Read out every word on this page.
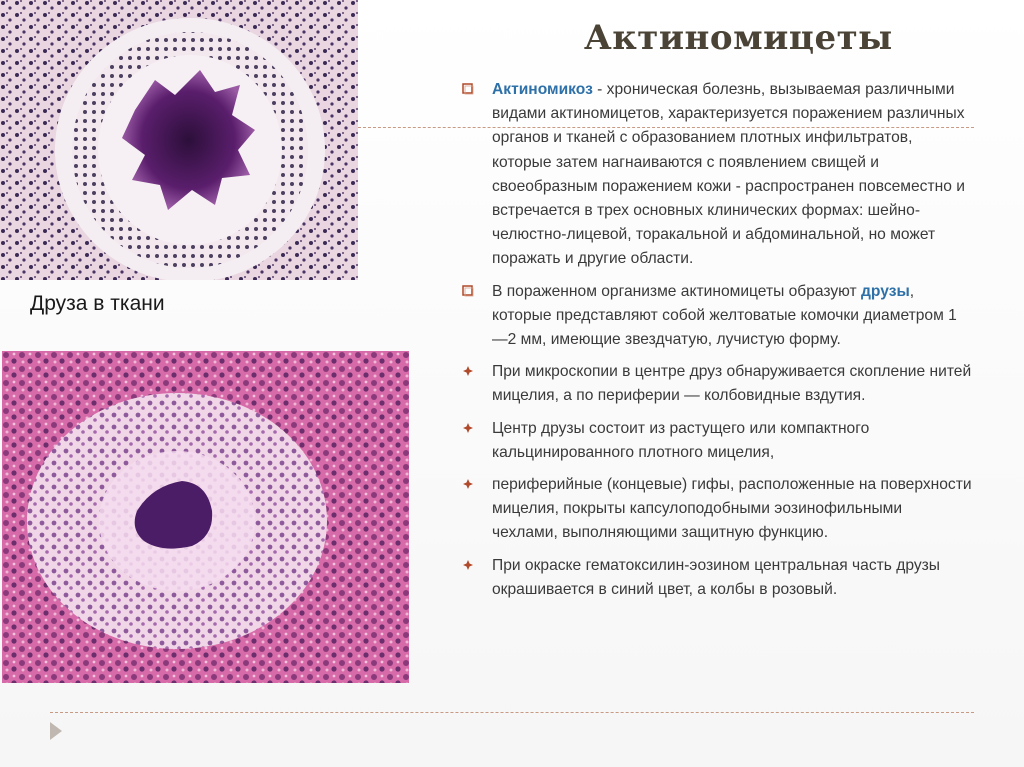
Друза в ткани
Актиномицеты
Актиномикоз - хроническая болезнь, вызываемая различными видами актиномицетов, характеризуется поражением различных органов и тканей с образованием плотных инфильтратов, которые затем нагнаиваются с появлением свищей и своеобразным поражением кожи - распространен повсеместно и встречается в трех основных клинических формах: шейно-челюстно-лицевой, торакальной и абдоминальной, но может поражать и другие области.
В пораженном организме актиномицеты образуют друзы, которые представляют собой желтоватые комочки диаметром 1—2 мм, имеющие звездчатую, лучистую форму.
При микроскопии в центре друз обнаруживается скопление нитей мицелия, а по периферии — колбовидные вздутия.
Центр друзы состоит из растущего или компактного кальцинированного плотного мицелия,
периферийные (концевые) гифы, расположенные на поверхности мицелия, покрыты капсулоподобными эозинофильными чехлами, выполняющими защитную функцию.
При окраске гематоксилин-эозином центральная часть друзы окрашивается в синий цвет, а колбы в розовый.
